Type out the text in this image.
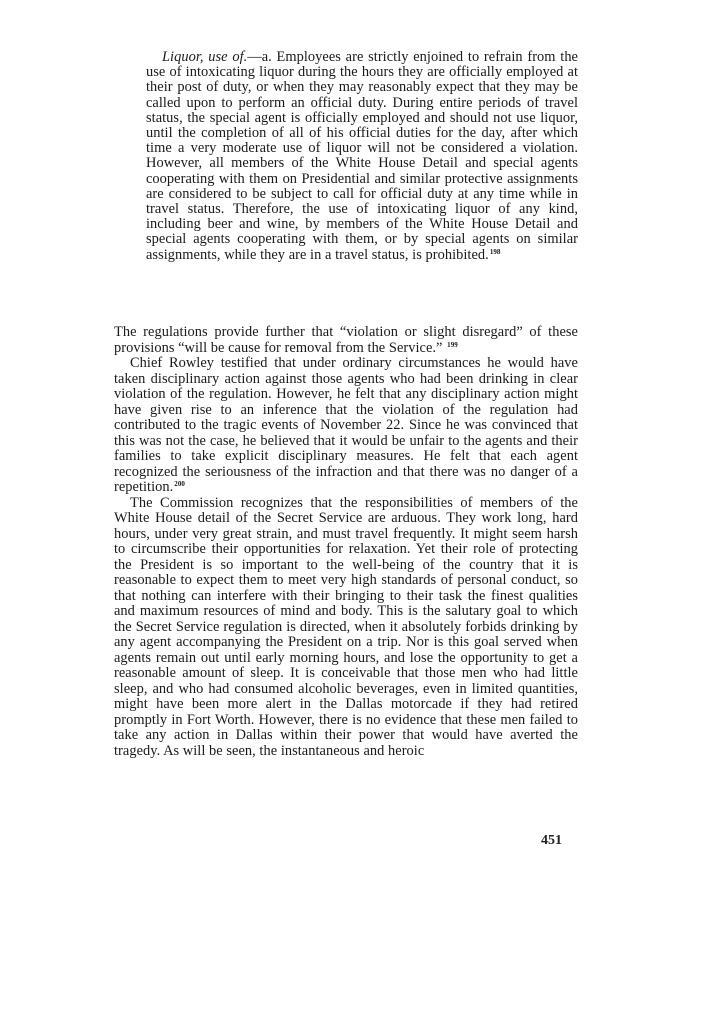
Liquor, use of.—a. Employees are strictly enjoined to refrain from the use of intoxicating liquor during the hours they are officially employed at their post of duty, or when they may reasonably expect that they may be called upon to perform an official duty. During entire periods of travel status, the special agent is officially employed and should not use liquor, until the completion of all of his official duties for the day, after which time a very moderate use of liquor will not be considered a violation. However, all members of the White House Detail and special agents cooperating with them on Presidential and similar protective assignments are considered to be subject to call for official duty at any time while in travel status. Therefore, the use of intoxicating liquor of any kind, including beer and wine, by members of the White House Detail and special agents cooperating with them, or by special agents on similar assignments, while they are in a travel status, is prohibited.$^{198}$

The regulations provide further that “violation or slight disregard” of these provisions “will be cause for removal from the Service.” $^{199}$

Chief Rowley testified that under ordinary circumstances he would have taken disciplinary action against those agents who had been drinking in clear violation of the regulation. However, he felt that any disciplinary action might have given rise to an inference that the violation of the regulation had contributed to the tragic events of November 22. Since he was convinced that this was not the case, he believed that it would be unfair to the agents and their families to take explicit disciplinary measures. He felt that each agent recognized the seriousness of the infraction and that there was no danger of a repetition.$^{200}$

The Commission recognizes that the responsibilities of members of the White House detail of the Secret Service are arduous. They work long, hard hours, under very great strain, and must travel frequently. It might seem harsh to circumscribe their opportunities for relaxation. Yet their role of protecting the President is so important to the well-being of the country that it is reasonable to expect them to meet very high standards of personal conduct, so that nothing can interfere with their bringing to their task the finest qualities and maximum resources of mind and body. This is the salutary goal to which the Secret Service regulation is directed, when it absolutely forbids drinking by any agent accompanying the President on a trip. Nor is this goal served when agents remain out until early morning hours, and lose the opportunity to get a reasonable amount of sleep. It is conceivable that those men who had little sleep, and who had consumed alcoholic beverages, even in limited quantities, might have been more alert in the Dallas motorcade if they had retired promptly in Fort Worth. However, there is no evidence that these men failed to take any action in Dallas within their power that would have averted the tragedy. As will be seen, the instantaneous and heroic

451
